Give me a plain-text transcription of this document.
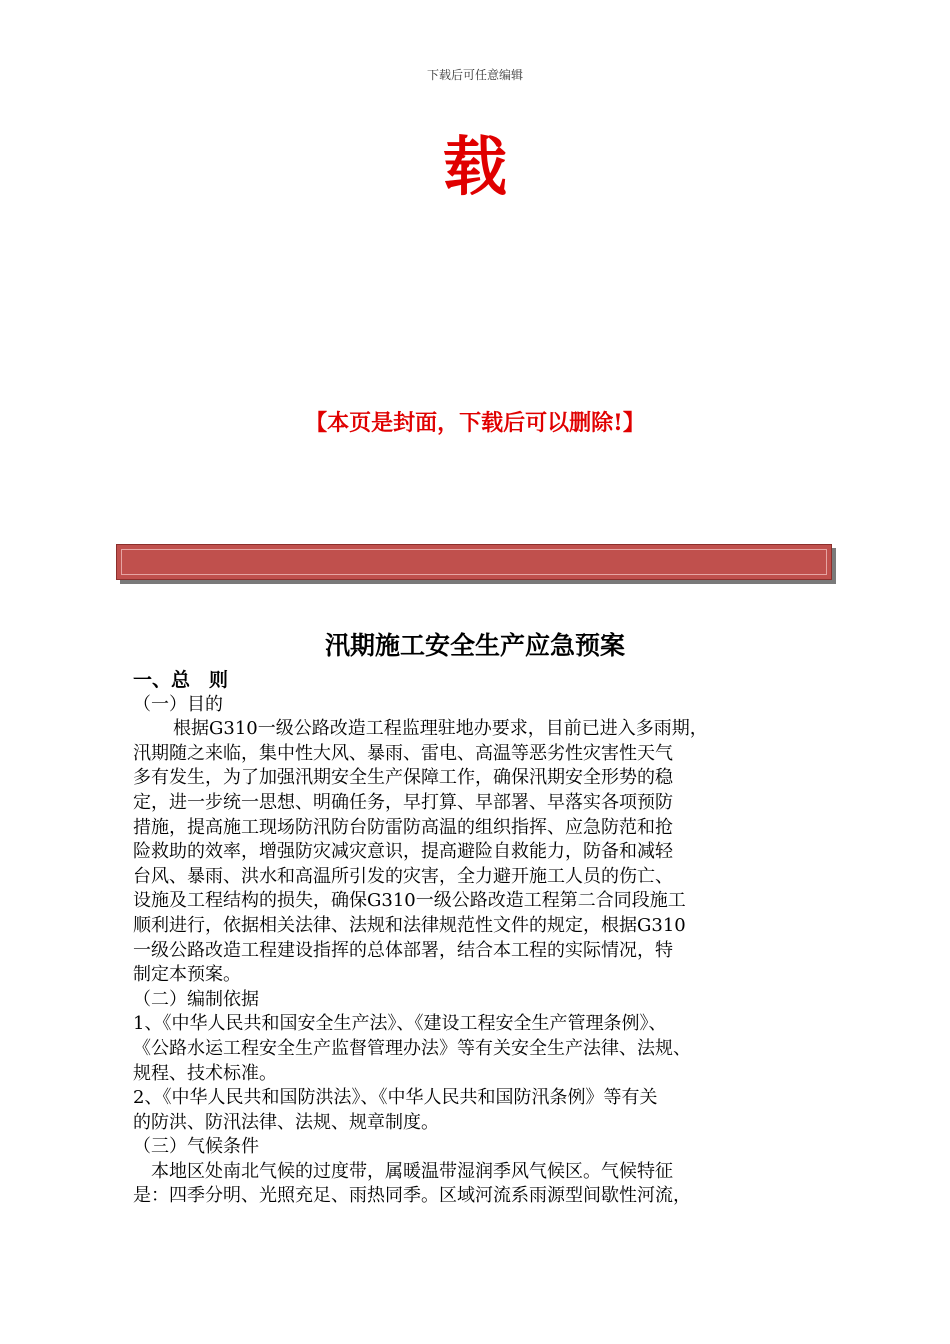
下载后可任意编辑
载
【本页是封面，下载后可以删除!】
汛期施工安全生产应急预案
一、总　则
（一）目的
根据G310一级公路改造工程监理驻地办要求，目前已进入多雨期，
汛期随之来临，集中性大风、暴雨、雷电、高温等恶劣性灾害性天气
多有发生，为了加强汛期安全生产保障工作，确保汛期安全形势的稳
定，进一步统一思想、明确任务，早打算、早部署、早落实各项预防
措施，提高施工现场防汛防台防雷防高温的组织指挥、应急防范和抢
险救助的效率，增强防灾减灾意识，提高避险自救能力，防备和减轻
台风、暴雨、洪水和高温所引发的灾害，全力避开施工人员的伤亡、
设施及工程结构的损失，确保G310一级公路改造工程第二合同段施工
顺利进行，依据相关法律、法规和法律规范性文件的规定，根据G310
一级公路改造工程建设指挥的总体部署，结合本工程的实际情况，特
制定本预案。
（二）编制依据
1、《中华人民共和国安全生产法》、《建设工程安全生产管理条例》、
《公路水运工程安全生产监督管理办法》等有关安全生产法律、法规、
规程、技术标准。
2、《中华人民共和国防洪法》、《中华人民共和国防汛条例》等有关
的防洪、防汛法律、法规、规章制度。
（三）气候条件
本地区处南北气候的过度带，属暖温带湿润季风气候区。气候特征
是：四季分明、光照充足、雨热同季。区域河流系雨源型间歇性河流，
